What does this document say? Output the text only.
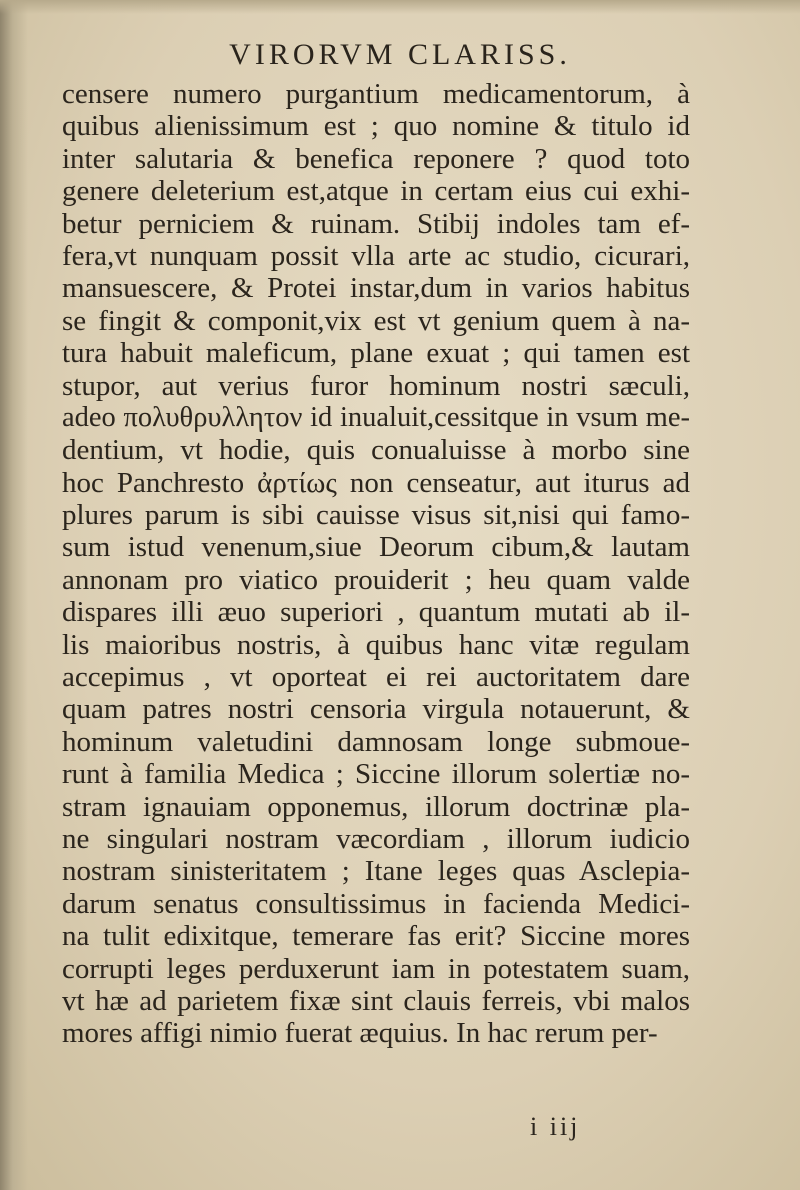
VIRORVM CLARISS.
censere numero purgantium medicamentorum, à
quibus alienissimum est ; quo nomine & titulo id
inter salutaria & benefica reponere ? quod toto
genere deleterium est,atque in certam eius cui exhi-
betur perniciem & ruinam. Stibij indoles tam ef-
fera,vt nunquam possit vlla arte ac studio, cicurari,
mansuescere, & Protei instar,dum in varios habitus
se fingit & componit,vix est vt genium quem à na-
tura habuit maleficum, plane exuat ; qui tamen est
stupor, aut verius furor hominum nostri sæculi,
adeo πολυθρυλλητον id inualuit,cessitque in vsum me-
dentium, vt hodie, quis conualuisse à morbo sine
hoc Panchresto ἀρτίως non censeatur, aut iturus ad
plures parum is sibi cauisse visus sit,nisi qui famo-
sum istud venenum,siue Deorum cibum,& lautam
annonam pro viatico prouiderit ; heu quam valde
dispares illi æuo superiori , quantum mutati ab il-
lis maioribus nostris, à quibus hanc vitæ regulam
accepimus , vt oporteat ei rei auctoritatem dare
quam patres nostri censoria virgula notauerunt, &
hominum valetudini damnosam longe submoue-
runt à familia Medica ; Siccine illorum solertiæ no-
stram ignauiam opponemus, illorum doctrinæ pla-
ne singulari nostram væcordiam , illorum iudicio
nostram sinisteritatem ; Itane leges quas Asclepia-
darum senatus consultissimus in facienda Medici-
na tulit edixitque, temerare fas erit? Siccine mores
corrupti leges perduxerunt iam in potestatem suam,
vt hæ ad parietem fixæ sint clauis ferreis, vbi malos
mores affigi nimio fuerat æquius. In hac rerum per-
i iij
